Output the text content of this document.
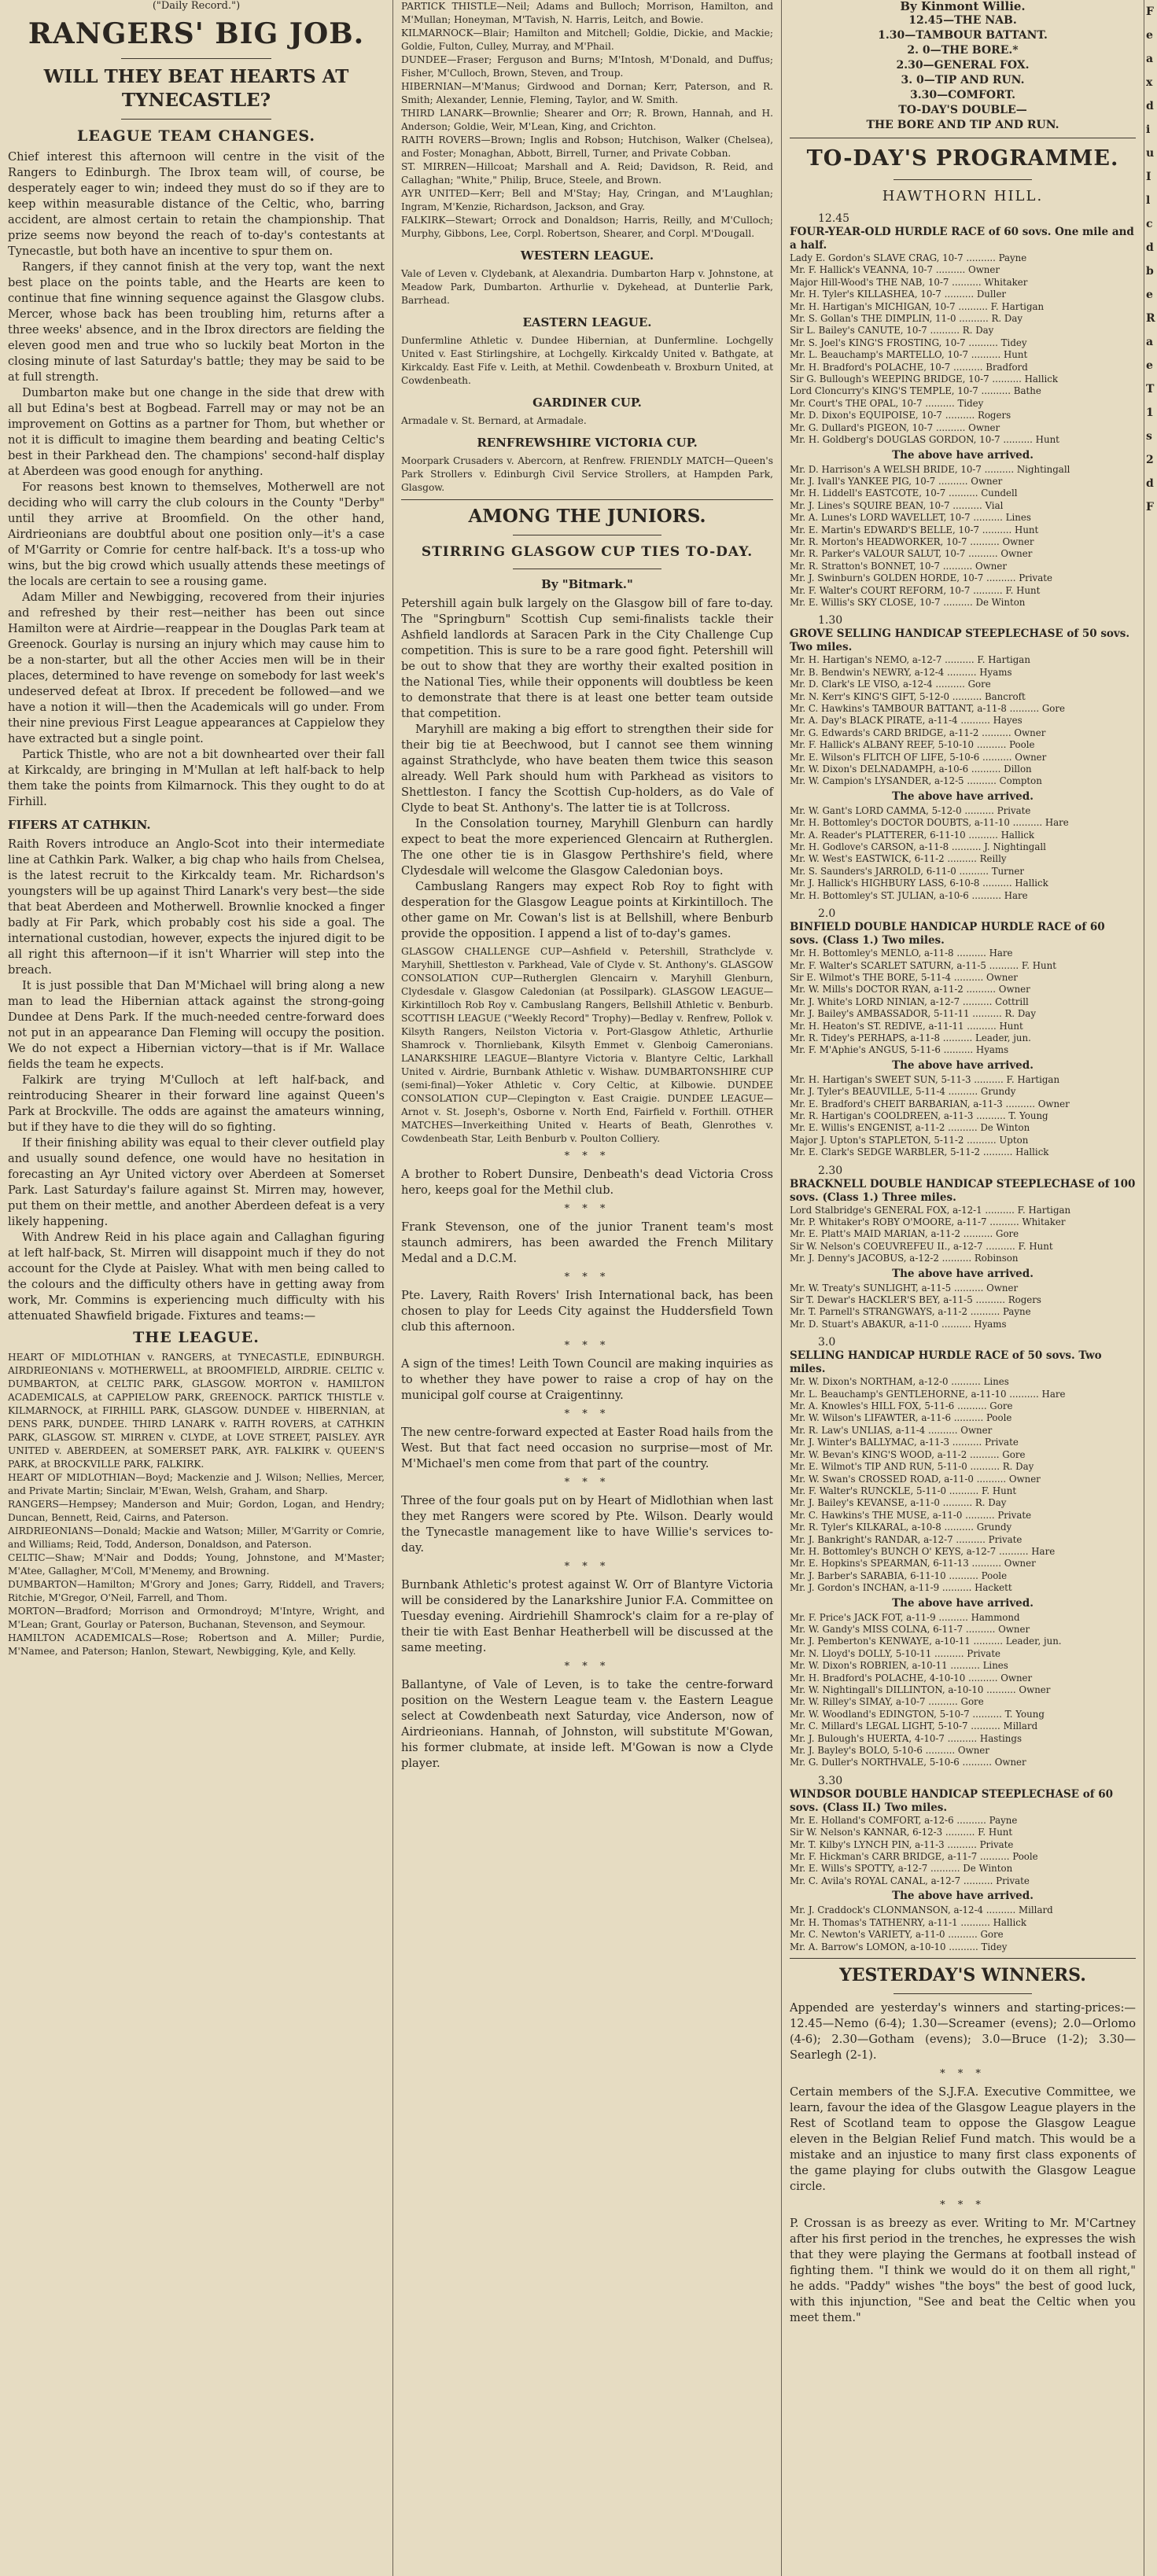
("Daily Record.")

RANGERS' BIG JOB.

WILL THEY BEAT HEARTS AT TYNECASTLE?

LEAGUE TEAM CHANGES.

Chief interest this afternoon will centre in the visit of the Rangers to Edinburgh. The Ibrox team will, of course, be desperately eager to win; indeed they must do so if they are to keep within measurable distance of the Celtic, who, barring accident, are almost certain to retain the championship. That prize seems now beyond the reach of to-day's contestants at Tynecastle, but both have an incentive to spur them on.

Rangers, if they cannot finish at the very top, want the next best place on the points table, and the Hearts are keen to continue that fine winning sequence against the Glasgow clubs. Mercer, whose back has been troubling him, returns after a three weeks' absence, and in the Ibrox directors are fielding the eleven good men and true who so luckily beat Morton in the closing minute of last Saturday's battle; they may be said to be at full strength.

Dumbarton make but one change in the side that drew with all but Edina's best at Bogbead. Farrell may or may not be an improvement on Gottins as a partner for Thom, but whether or not it is difficult to imagine them bearding and beating Celtic's best in their Parkhead den. The champions' second-half display at Aberdeen was good enough for anything.

For reasons best known to themselves, Motherwell are not deciding who will carry the club colours in the County "Derby" until they arrive at Broomfield. On the other hand, Airdrieonians are doubtful about one position only—it's a case of M'Garrity or Comrie for centre half-back. It's a toss-up who wins, but the big crowd which usually attends these meetings of the locals are certain to see a rousing game.

Adam Miller and Newbigging, recovered from their injuries and refreshed by their rest—neither has been out since Hamilton were at Airdrie—reappear in the Douglas Park team at Greenock. Gourlay is nursing an injury which may cause him to be a non-starter, but all the other Accies men will be in their places, determined to have revenge on somebody for last week's undeserved defeat at Ibrox. If precedent be followed—and we have a notion it will—then the Academicals will go under. From their nine previous First League appearances at Cappielow they have extracted but a single point.

Partick Thistle, who are not a bit downhearted over their fall at Kirkcaldy, are bringing in M'Mullan at left half-back to help them take the points from Kilmarnock. This they ought to do at Firhill.

FIFERS AT CATHKIN.

Raith Rovers introduce an Anglo-Scot into their intermediate line at Cathkin Park. Walker, a big chap who hails from Chelsea, is the latest recruit to the Kirkcaldy team. Mr. Richardson's youngsters will be up against Third Lanark's very best—the side that beat Aberdeen and Motherwell. Brownlie knocked a finger badly at Fir Park, which probably cost his side a goal. The international custodian, however, expects the injured digit to be all right this afternoon—if it isn't Wharrier will step into the breach.

It is just possible that Dan M'Michael will bring along a new man to lead the Hibernian attack against the strong-going Dundee at Dens Park. If the much-needed centre-forward does not put in an appearance Dan Fleming will occupy the position. We do not expect a Hibernian victory—that is if Mr. Wallace fields the team he expects.

Falkirk are trying M'Culloch at left half-back, and reintroducing Shearer in their forward line against Queen's Park at Brockville. The odds are against the amateurs winning, but if they have to die they will do so fighting.

If their finishing ability was equal to their clever outfield play and usually sound defence, one would have no hesitation in forecasting an Ayr United victory over Aberdeen at Somerset Park. Last Saturday's failure against St. Mirren may, however, put them on their mettle, and another Aberdeen defeat is a very likely happening.

With Andrew Reid in his place again and Callaghan figuring at left half-back, St. Mirren will disappoint much if they do not account for the Clyde at Paisley. What with men being called to the colours and the difficulty others have in getting away from work, Mr. Commins is experiencing much difficulty with his attenuated Shawfield brigade. Fixtures and teams:—

THE LEAGUE.

HEART OF MIDLOTHIAN v. RANGERS, at TYNECASTLE, EDINBURGH. AIRDRIEONIANS v. MOTHERWELL, at BROOMFIELD, AIRDRIE. CELTIC v. DUMBARTON, at CELTIC PARK, GLASGOW. MORTON v. HAMILTON ACADEMICALS, at CAPPIELOW PARK, GREENOCK. PARTICK THISTLE v. KILMARNOCK, at FIRHILL PARK, GLASGOW. DUNDEE v. HIBERNIAN, at DENS PARK, DUNDEE. THIRD LANARK v. RAITH ROVERS, at CATHKIN PARK, GLASGOW. ST. MIRREN v. CLYDE, at LOVE STREET, PAISLEY. AYR UNITED v. ABERDEEN, at SOMERSET PARK, AYR. FALKIRK v. QUEEN'S PARK, at BROCKVILLE PARK, FALKIRK.

HEART OF MIDLOTHIAN—Boyd; Mackenzie and J. Wilson; Nellies, Mercer, and Private Martin; Sinclair, M'Ewan, Welsh, Graham, and Sharp.

RANGERS—Hempsey; Manderson and Muir; Gordon, Logan, and Hendry; Duncan, Bennett, Reid, Cairns, and Paterson.

AIRDRIEONIANS—Donald; Mackie and Watson; Miller, M'Garrity or Comrie, and Williams; Reid, Todd, Anderson, Donaldson, and Paterson.

CELTIC—Shaw; M'Nair and Dodds; Young, Johnstone, and M'Master; M'Atee, Gallagher, M'Coll, M'Menemy, and Browning.

DUMBARTON—Hamilton; M'Grory and Jones; Garry, Riddell, and Travers; Ritchie, M'Gregor, O'Neil, Farrell, and Thom.

MORTON—Bradford; Morrison and Ormondroyd; M'Intyre, Wright, and M'Lean; Grant, Gourlay or Paterson, Buchanan, Stevenson, and Seymour.

HAMILTON ACADEMICALS—Rose; Robertson and A. Miller; Purdie, M'Namee, and Paterson; Hanlon, Stewart, Newbigging, Kyle, and Kelly.

PARTICK THISTLE—Neil; Adams and Bulloch; Morrison, Hamilton, and M'Mullan; Honeyman, M'Tavish, N. Harris, Leitch, and Bowie.

KILMARNOCK—Blair; Hamilton and Mitchell; Goldie, Dickie, and Mackie; Goldie, Fulton, Culley, Murray, and M'Phail.

DUNDEE—Fraser; Ferguson and Burns; M'Intosh, M'Donald, and Duffus; Fisher, M'Culloch, Brown, Steven, and Troup.

HIBERNIAN—M'Manus; Girdwood and Dornan; Kerr, Paterson, and R. Smith; Alexander, Lennie, Fleming, Taylor, and W. Smith.

THIRD LANARK—Brownlie; Shearer and Orr; R. Brown, Hannah, and H. Anderson; Goldie, Weir, M'Lean, King, and Crichton.

RAITH ROVERS—Brown; Inglis and Robson; Hutchison, Walker (Chelsea), and Foster; Monaghan, Abbott, Birrell, Turner, and Private Cobban.

ST. MIRREN—Hillcoat; Marshall and A. Reid; Davidson, R. Reid, and Callaghan; "White," Philip, Bruce, Steele, and Brown.

AYR UNITED—Kerr; Bell and M'Stay; Hay, Cringan, and M'Laughlan; Ingram, M'Kenzie, Richardson, Jackson, and Gray.

FALKIRK—Stewart; Orrock and Donaldson; Harris, Reilly, and M'Culloch; Murphy, Gibbons, Lee, Corpl. Robertson, Shearer, and Corpl. M'Dougall.

WESTERN LEAGUE.

Vale of Leven v. Clydebank, at Alexandria. Dumbarton Harp v. Johnstone, at Meadow Park, Dumbarton. Arthurlie v. Dykehead, at Dunterlie Park, Barrhead.

EASTERN LEAGUE.

Dunfermline Athletic v. Dundee Hibernian, at Dunfermline. Lochgelly United v. East Stirlingshire, at Lochgelly. Kirkcaldy United v. Bathgate, at Kirkcaldy. East Fife v. Leith, at Methil. Cowdenbeath v. Broxburn United, at Cowdenbeath.

GARDINER CUP.

Armadale v. St. Bernard, at Armadale.

RENFREWSHIRE VICTORIA CUP.

Moorpark Crusaders v. Abercorn, at Renfrew. FRIENDLY MATCH—Queen's Park Strollers v. Edinburgh Civil Service Strollers, at Hampden Park, Glasgow.

AMONG THE JUNIORS.

STIRRING GLASGOW CUP TIES TO-DAY.

By "Bitmark."

Petershill again bulk largely on the Glasgow bill of fare to-day. The "Springburn" Scottish Cup semi-finalists tackle their Ashfield landlords at Saracen Park in the City Challenge Cup competition. This is sure to be a rare good fight. Petershill will be out to show that they are worthy their exalted position in the National Ties, while their opponents will doubtless be keen to demonstrate that there is at least one better team outside that competition.

Maryhill are making a big effort to strengthen their side for their big tie at Beechwood, but I cannot see them winning against Strathclyde, who have beaten them twice this season already. Well Park should hum with Parkhead as visitors to Shettleston. I fancy the Scottish Cup-holders, as do Vale of Clyde to beat St. Anthony's. The latter tie is at Tollcross.

In the Consolation tourney, Maryhill Glenburn can hardly expect to beat the more experienced Glencairn at Rutherglen. The one other tie is in Glasgow Perthshire's field, where Clydesdale will welcome the Glasgow Caledonian boys.

Cambuslang Rangers may expect Rob Roy to fight with desperation for the Glasgow League points at Kirkintilloch. The other game on Mr. Cowan's list is at Bellshill, where Benburb provide the opposition. I append a list of to-day's games.

GLASGOW CHALLENGE CUP—Ashfield v. Petershill, Strathclyde v. Maryhill, Shettleston v. Parkhead, Vale of Clyde v. St. Anthony's. GLASGOW CONSOLATION CUP—Rutherglen Glencairn v. Maryhill Glenburn, Clydesdale v. Glasgow Caledonian (at Possilpark). GLASGOW LEAGUE—Kirkintilloch Rob Roy v. Cambuslang Rangers, Bellshill Athletic v. Benburb. SCOTTISH LEAGUE ("Weekly Record" Trophy)—Bedlay v. Renfrew, Pollok v. Kilsyth Rangers, Neilston Victoria v. Port-Glasgow Athletic, Arthurlie Shamrock v. Thornliebank, Kilsyth Emmet v. Glenboig Cameronians. LANARKSHIRE LEAGUE—Blantyre Victoria v. Blantyre Celtic, Larkhall United v. Airdrie, Burnbank Athletic v. Wishaw. DUMBARTONSHIRE CUP (semi-final)—Yoker Athletic v. Cory Celtic, at Kilbowie. DUNDEE CONSOLATION CUP—Clepington v. East Craigie. DUNDEE LEAGUE—Arnot v. St. Joseph's, Osborne v. North End, Fairfield v. Forthill. OTHER MATCHES—Inverkeithing United v. Hearts of Beath, Glenrothes v. Cowdenbeath Star, Leith Benburb v. Poulton Colliery.

* * *

A brother to Robert Dunsire, Denbeath's dead Victoria Cross hero, keeps goal for the Methil club.

* * *

Frank Stevenson, one of the junior Tranent team's most staunch admirers, has been awarded the French Military Medal and a D.C.M.

* * *

Pte. Lavery, Raith Rovers' Irish International back, has been chosen to play for Leeds City against the Huddersfield Town club this afternoon.

* * *

A sign of the times! Leith Town Council are making inquiries as to whether they have power to raise a crop of hay on the municipal golf course at Craigentinny.

* * *

The new centre-forward expected at Easter Road hails from the West. But that fact need occasion no surprise—most of Mr. M'Michael's men come from that part of the country.

* * *

Three of the four goals put on by Heart of Midlothian when last they met Rangers were scored by Pte. Wilson. Dearly would the Tynecastle management like to have Willie's services to-day.

* * *

Burnbank Athletic's protest against W. Orr of Blantyre Victoria will be considered by the Lanarkshire Junior F.A. Committee on Tuesday evening. Airdriehill Shamrock's claim for a re-play of their tie with East Benhar Heatherbell will be discussed at the same meeting.

* * *

Ballantyne, of Vale of Leven, is to take the centre-forward position on the Western League team v. the Eastern League select at Cowdenbeath next Saturday, vice Anderson, now of Airdrieonians. Hannah, of Johnston, will substitute M'Gowan, his former clubmate, at inside left. M'Gowan is now a Clyde player.

By Kinmont Willie.

12.45—THE NAB.

1.30—TAMBOUR BATTANT.

2. 0—THE BORE.*

2.30—GENERAL FOX.

3. 0—TIP AND RUN.

3.30—COMFORT.

TO-DAY'S DOUBLE—

THE BORE AND TIP AND RUN.

TO-DAY'S PROGRAMME.

HAWTHORN HILL.

12.45

FOUR-YEAR-OLD HURDLE RACE of 60 sovs. One mile and a half.

Lady E. Gordon's SLAVE CRAG, 10-7 .......... Payne

Mr. F. Hallick's VEANNA, 10-7 .......... Owner

Major Hill-Wood's THE NAB, 10-7 .......... Whitaker

Mr. H. Tyler's KILLASHEA, 10-7 .......... Duller

Mr. H. Hartigan's MICHIGAN, 10-7 .......... F. Hartigan

Mr. S. Gollan's THE DIMPLIN, 11-0 .......... R. Day

Sir L. Bailey's CANUTE, 10-7 .......... R. Day

Mr. S. Joel's KING'S FROSTING, 10-7 .......... Tidey

Mr. L. Beauchamp's MARTELLO, 10-7 .......... Hunt

Mr. H. Bradford's POLACHE, 10-7 .......... Bradford

Sir G. Bullough's WEEPING BRIDGE, 10-7 .......... Hallick

Lord Cloncurry's KING'S TEMPLE, 10-7 .......... Bathe

Mr. Court's THE OPAL, 10-7 .......... Tidey

Mr. D. Dixon's EQUIPOISE, 10-7 .......... Rogers

Mr. G. Dullard's PIGEON, 10-7 .......... Owner

Mr. H. Goldberg's DOUGLAS GORDON, 10-7 .......... Hunt

The above have arrived.

Mr. D. Harrison's A WELSH BRIDE, 10-7 .......... Nightingall

Mr. J. Ivall's YANKEE PIG, 10-7 .......... Owner

Mr. H. Liddell's EASTCOTE, 10-7 .......... Cundell

Mr. J. Lines's SQUIRE BEAN, 10-7 .......... Vial

Mr. A. Lunes's LORD WAVELLET, 10-7 .......... Lines

Mr. E. Martin's EDWARD'S BELLE, 10-7 .......... Hunt

Mr. R. Morton's HEADWORKER, 10-7 .......... Owner

Mr. R. Parker's VALOUR SALUT, 10-7 .......... Owner

Mr. R. Stratton's BONNET, 10-7 .......... Owner

Mr. J. Swinburn's GOLDEN HORDE, 10-7 .......... Private

Mr. F. Walter's COURT REFORM, 10-7 .......... F. Hunt

Mr. E. Willis's SKY CLOSE, 10-7 .......... De Winton

1.30

GROVE SELLING HANDICAP STEEPLECHASE of 50 sovs. Two miles.

Mr. H. Hartigan's NEMO, a-12-7 .......... F. Hartigan

Mr. B. Bendwin's NEWRY, a-12-4 .......... Hyams

Mr. D. Clark's LE VISO, a-12-4 .......... Gore

Mr. N. Kerr's KING'S GIFT, 5-12-0 .......... Bancroft

Mr. C. Hawkins's TAMBOUR BATTANT, a-11-8 .......... Gore

Mr. A. Day's BLACK PIRATE, a-11-4 .......... Hayes

Mr. G. Edwards's CARD BRIDGE, a-11-2 .......... Owner

Mr. F. Hallick's ALBANY REEF, 5-10-10 .......... Poole

Mr. E. Wilson's FLITCH OF LIFE, 5-10-6 .......... Owner

Mr. W. Dixon's DELNADAMPH, a-10-6 .......... Dillon

Mr. W. Campion's LYSANDER, a-12-5 .......... Compton

The above have arrived.

Mr. W. Gant's LORD CAMMA, 5-12-0 .......... Private

Mr. H. Bottomley's DOCTOR DOUBTS, a-11-10 .......... Hare

Mr. A. Reader's PLATTERER, 6-11-10 .......... Hallick

Mr. H. Godlove's CARSON, a-11-8 .......... J. Nightingall

Mr. W. West's EASTWICK, 6-11-2 .......... Reilly

Mr. S. Saunders's JARROLD, 6-11-0 .......... Turner

Mr. J. Hallick's HIGHBURY LASS, 6-10-8 .......... Hallick

Mr. H. Bottomley's ST. JULIAN, a-10-6 .......... Hare

2.0

BINFIELD DOUBLE HANDICAP HURDLE RACE of 60 sovs. (Class 1.) Two miles.

Mr. H. Bottomley's MENLO, a-11-8 .......... Hare

Mr. F. Walter's SCARLET SATURN, a-11-5 .......... F. Hunt

Sir E. Wilmot's THE BORE, 5-11-4 .......... Owner

Mr. W. Mills's DOCTOR RYAN, a-11-2 .......... Owner

Mr. J. White's LORD NINIAN, a-12-7 .......... Cottrill

Mr. J. Bailey's AMBASSADOR, 5-11-11 .......... R. Day

Mr. H. Heaton's ST. REDIVE, a-11-11 .......... Hunt

Mr. R. Tidey's PERHAPS, a-11-8 .......... Leader, jun.

Mr. F. M'Aphie's ANGUS, 5-11-6 .......... Hyams

The above have arrived.

Mr. H. Hartigan's SWEET SUN, 5-11-3 .......... F. Hartigan

Mr. J. Tyler's BEAUVILLE, 5-11-4 .......... Grundy

Mr. E. Bradford's CHEIT BARBARIAN, a-11-3 .......... Owner

Mr. R. Hartigan's COOLDREEN, a-11-3 .......... T. Young

Mr. E. Willis's ENGENIST, a-11-2 .......... De Winton

Major J. Upton's STAPLETON, 5-11-2 .......... Upton

Mr. E. Clark's SEDGE WARBLER, 5-11-2 .......... Hallick

2.30

BRACKNELL DOUBLE HANDICAP STEEPLECHASE of 100 sovs. (Class 1.) Three miles.

Lord Stalbridge's GENERAL FOX, a-12-1 .......... F. Hartigan

Mr. P. Whitaker's ROBY O'MOORE, a-11-7 .......... Whitaker

Mr. E. Platt's MAID MARIAN, a-11-2 .......... Gore

Sir W. Nelson's COEUVREFEU II., a-12-7 .......... F. Hunt

Mr. J. Denny's JACOBUS, a-12-2 .......... Robinson

The above have arrived.

Mr. W. Treaty's SUNLIGHT, a-11-5 .......... Owner

Sir T. Dewar's HACKLER'S BEY, a-11-5 .......... Rogers

Mr. T. Parnell's STRANGWAYS, a-11-2 .......... Payne

Mr. D. Stuart's ABAKUR, a-11-0 .......... Hyams

3.0

SELLING HANDICAP HURDLE RACE of 50 sovs. Two miles.

Mr. W. Dixon's NORTHAM, a-12-0 .......... Lines

Mr. L. Beauchamp's GENTLEHORNE, a-11-10 .......... Hare

Mr. A. Knowles's HILL FOX, 5-11-6 .......... Gore

Mr. W. Wilson's LIFAWTER, a-11-6 .......... Poole

Mr. R. Law's UNLIAS, a-11-4 .......... Owner

Mr. J. Winter's BALLYMAC, a-11-3 .......... Private

Mr. W. Bevan's KING'S WOOD, a-11-2 .......... Gore

Mr. E. Wilmot's TIP AND RUN, 5-11-0 .......... R. Day

Mr. W. Swan's CROSSED ROAD, a-11-0 .......... Owner

Mr. F. Walter's RUNCKLE, 5-11-0 .......... F. Hunt

Mr. J. Bailey's KEVANSE, a-11-0 .......... R. Day

Mr. C. Hawkins's THE MUSE, a-11-0 .......... Private

Mr. R. Tyler's KILKARAL, a-10-8 .......... Grundy

Mr. J. Bankright's RANDAR, a-12-7 .......... Private

Mr. H. Bottomley's BUNCH O' KEYS, a-12-7 .......... Hare

Mr. E. Hopkins's SPEARMAN, 6-11-13 .......... Owner

Mr. J. Barber's SARABIA, 6-11-10 .......... Poole

Mr. J. Gordon's INCHAN, a-11-9 .......... Hackett

The above have arrived.

Mr. F. Price's JACK FOT, a-11-9 .......... Hammond

Mr. W. Gandy's MISS COLNA, 6-11-7 .......... Owner

Mr. J. Pemberton's KENWAYE, a-10-11 .......... Leader, jun.

Mr. N. Lloyd's DOLLY, 5-10-11 .......... Private

Mr. W. Dixon's ROBRIEN, a-10-11 .......... Lines

Mr. H. Bradford's POLACHE, 4-10-10 .......... Owner

Mr. W. Nightingall's DILLINTON, a-10-10 .......... Owner

Mr. W. Rilley's SIMAY, a-10-7 .......... Gore

Mr. W. Woodland's EDINGTON, 5-10-7 .......... T. Young

Mr. C. Millard's LEGAL LIGHT, 5-10-7 .......... Millard

Mr. J. Bulough's HUERTA, 4-10-7 .......... Hastings

Mr. J. Bayley's BOLO, 5-10-6 .......... Owner

Mr. G. Duller's NORTHVALE, 5-10-6 .......... Owner

3.30

WINDSOR DOUBLE HANDICAP STEEPLECHASE of 60 sovs. (Class II.) Two miles.

Mr. E. Holland's COMFORT, a-12-6 .......... Payne

Sir W. Nelson's KANNAR, 6-12-3 .......... F. Hunt

Mr. T. Kilby's LYNCH PIN, a-11-3 .......... Private

Mr. F. Hickman's CARR BRIDGE, a-11-7 .......... Poole

Mr. E. Wills's SPOTTY, a-12-7 .......... De Winton

Mr. C. Avila's ROYAL CANAL, a-12-7 .......... Private

The above have arrived.

Mr. J. Craddock's CLONMANSON, a-12-4 .......... Millard

Mr. H. Thomas's TATHENRY, a-11-1 .......... Hallick

Mr. C. Newton's VARIETY, a-11-0 .......... Gore

Mr. A. Barrow's LOMON, a-10-10 .......... Tidey

YESTERDAY'S WINNERS.

Appended are yesterday's winners and starting-prices:— 12.45—Nemo (6-4); 1.30—Screamer (evens); 2.0—Orlomo (4-6); 2.30—Gotham (evens); 3.0—Bruce (1-2); 3.30—Searlegh (2-1).

* * *

Certain members of the S.J.F.A. Executive Committee, we learn, favour the idea of the Glasgow League players in the Rest of Scotland team to oppose the Glasgow League eleven in the Belgian Relief Fund match. This would be a mistake and an injustice to many first class exponents of the game playing for clubs outwith the Glasgow League circle.

* * *

P. Crossan is as breezy as ever. Writing to Mr. M'Cartney after his first period in the trenches, he expresses the wish that they were playing the Germans at football instead of fighting them. "I think we would do it on them all right," he adds. "Paddy" wishes "the boys" the best of good luck, with this injunction, "See and beat the Celtic when you meet them."

F
e
a
x
d
i
u
I
l
c
d
b
e
R
a
e
T
1
s
2
d
F
